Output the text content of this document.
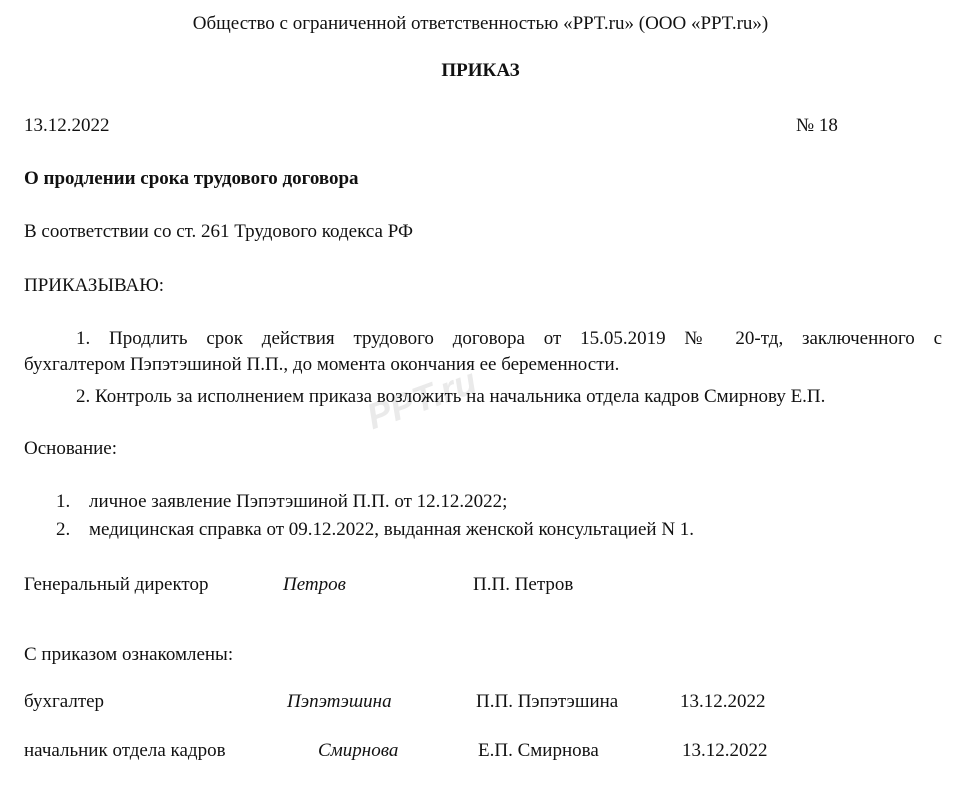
PPT.ru
Общество с ограниченной ответственностью «PPT.ru» (ООО «PPT.ru»)
ПРИКАЗ
13.12.2022	№ 18
О продлении срока трудового договора
В соответствии со ст. 261 Трудового кодекса РФ
ПРИКАЗЫВАЮ:
1. Продлить срок действия трудового договора от 15.05.2019 № 20-тд, заключенного с
бухгалтером Пэпэтэшиной П.П., до момента окончания ее беременности.
2. Контроль за исполнением приказа возложить на начальника отдела кадров Смирнову Е.П.
Основание:
1. личное заявление Пэпэтэшиной П.П. от 12.12.2022;
2. медицинская справка от 09.12.2022, выданная женской консультацией N 1.
Генеральный директор	Петров	П.П. Петров
С приказом ознакомлены:
бухгалтер	Пэпэтэшина	П.П. Пэпэтэшина	13.12.2022
начальник отдела кадров	Смирнова	Е.П. Смирнова	13.12.2022
